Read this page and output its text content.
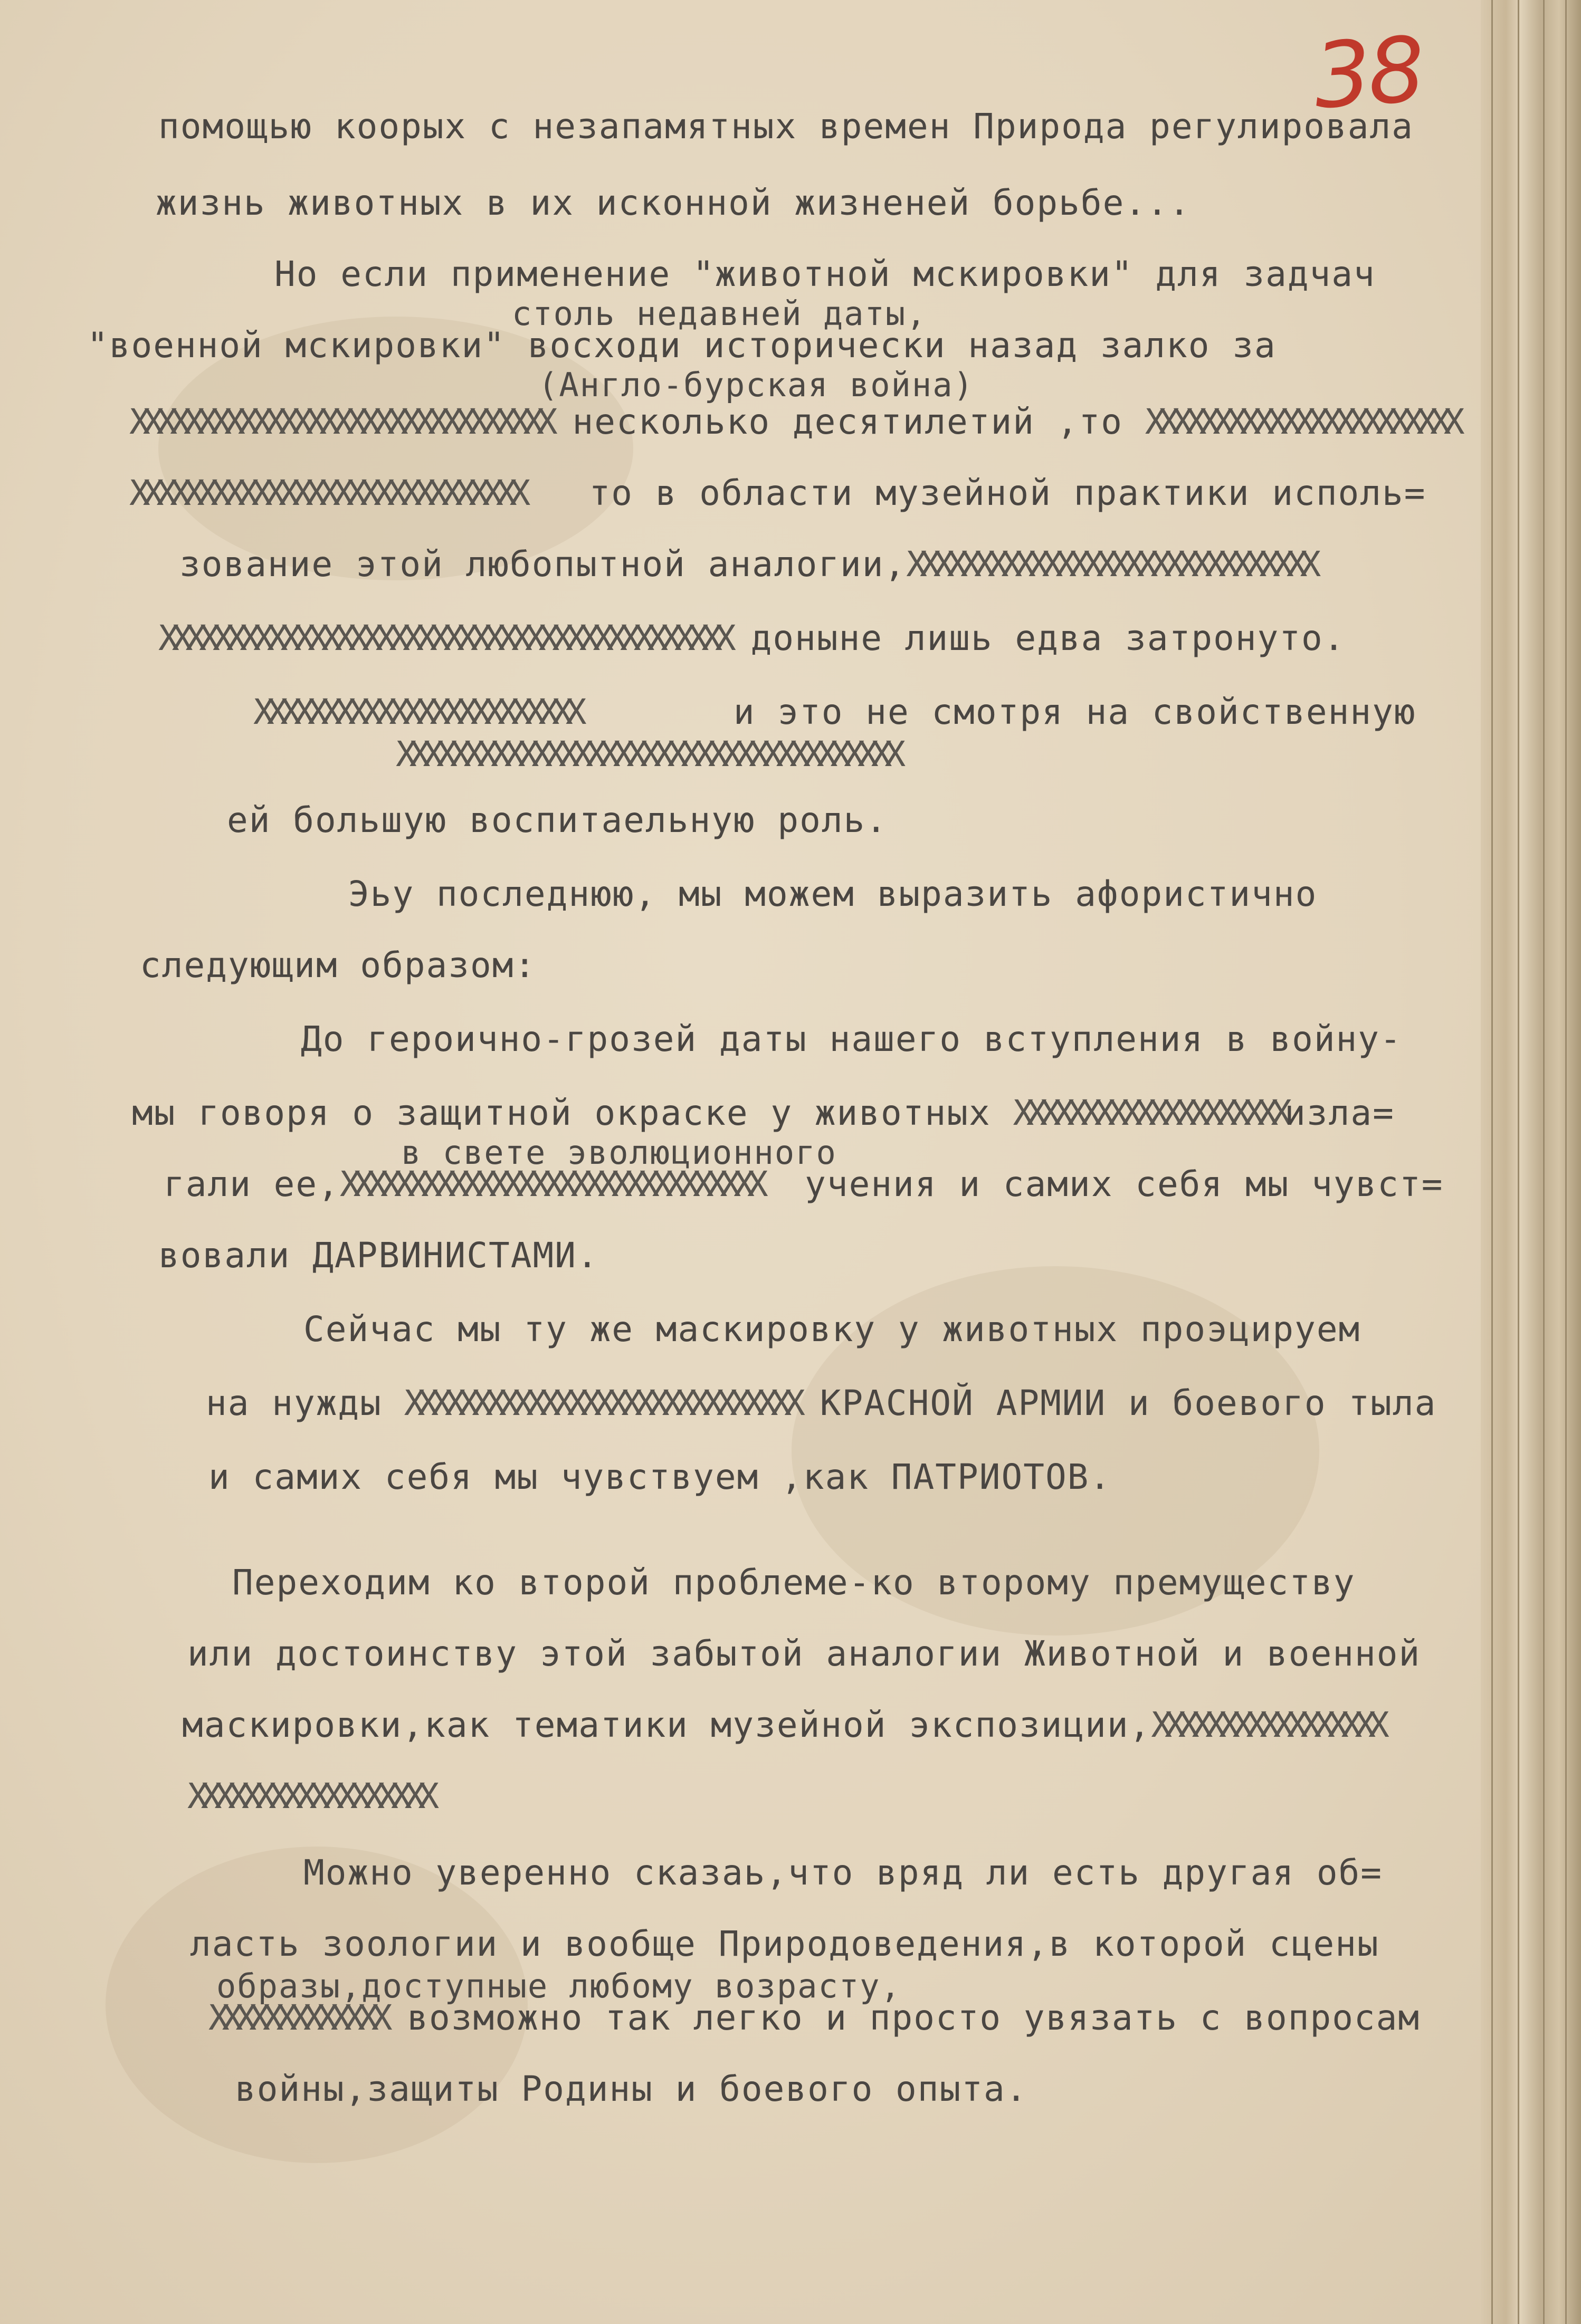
38
помощью коорых с незапамятных времен Природа регулировала
жизнь животных в их исконной жизненей борьбе...
Но если применение "животной мскировки" для задчач
столь недавней даты,
"военной мскировки" восходи исторически назад залко за
(Англо-бурская война)
XXXXXXXXXXXXXXXXXXXXXXXXXXXXXXX несколько десятилетий ,то XXXXXXXXXXXXXXXXXXXXXXX
XXXXXXXXXXXXXXXXXXXXXXXXXXXXX то в области музейной практики исполь=
зование этой любопытной аналогии,XXXXXXXXXXXXXXXXXXXXXXXXXXXXXX
XXXXXXXXXXXXXXXXXXXXXXXXXXXXXXXXXXXXXXXXXX доныне лишь едва затронуто.
XXXXXXXXXXXXXXXXXXXXXXXX	и это не смотря на свойственную
XXXXXXXXXXXXXXXXXXXXXXXXXXXXXXXXXXXXX
ей большую воспитаельную роль.
Эьу последнюю, мы можем выразить афористично
следующим образом:
До героично-грозей даты нашего вступления в войну-
мы говоря о защитной окраске у животных XXXXXXXXXXXXXXXXXXXXизла=
в свете эволюционного
гали ее,XXXXXXXXXXXXXXXXXXXXXXXXXXXXXXX учения и самих себя мы чувст=
вовали ДАРВИНИСТАМИ.
Сейчас мы ту же маскировку у животных проэцируем
на нужды XXXXXXXXXXXXXXXXXXXXXXXXXXXXX КРАСНОЙ АРМИИ и боевого тыла
и самих себя мы чувствуем ,как ПАТРИОТОВ.
Переходим ко второй проблеме-ко второму премуществу
или достоинству этой забытой аналогии Животной и военной
маскировки,как тематики музейной экспозиции,XXXXXXXXXXXXXXXXX
XXXXXXXXXXXXXXXXXX
Можно уверенно сказаь,что вряд ли есть другая об=
ласть зоологии и вообще Природоведения,в которой сцены
образы,доступные любому возрасту,
XXXXXXXXXXXXX возможно так легко и просто увязать с вопросам
войны,защиты Родины и боевого опыта.
